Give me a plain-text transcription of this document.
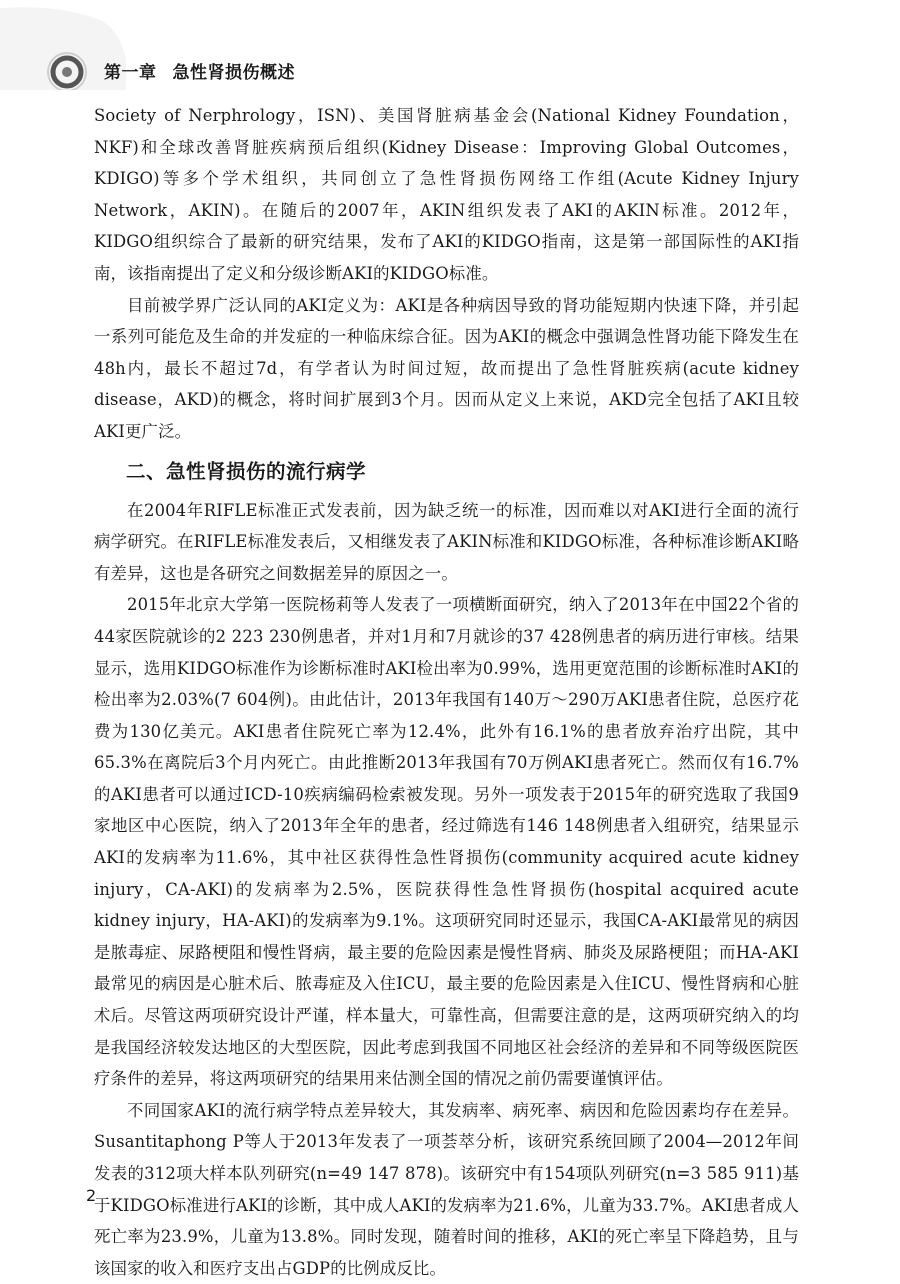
第一章 急性肾损伤概述

Society of Nerphrology，ISN)、美国肾脏病基金会(National Kidney Foundation，NKF)和全球改善肾脏疾病预后组织(Kidney Disease：Improving Global Outcomes，KDIGO)等多个学术组织，共同创立了急性肾损伤网络工作组(Acute Kidney Injury Network，AKIN)。在随后的2007年，AKIN组织发表了AKI的AKIN标准。2012年，KIDGO组织综合了最新的研究结果，发布了AKI的KIDGO指南，这是第一部国际性的AKI指南，该指南提出了定义和分级诊断AKI的KIDGO标准。

目前被学界广泛认同的AKI定义为：AKI是各种病因导致的肾功能短期内快速下降，并引起一系列可能危及生命的并发症的一种临床综合征。因为AKI的概念中强调急性肾功能下降发生在48h内，最长不超过7d，有学者认为时间过短，故而提出了急性肾脏疾病(acute kidney disease，AKD)的概念，将时间扩展到3个月。因而从定义上来说，AKD完全包括了AKI且较AKI更广泛。

二、急性肾损伤的流行病学

在2004年RIFLE标准正式发表前，因为缺乏统一的标准，因而难以对AKI进行全面的流行病学研究。在RIFLE标准发表后，又相继发表了AKIN标准和KIDGO标准，各种标准诊断AKI略有差异，这也是各研究之间数据差异的原因之一。

2015年北京大学第一医院杨莉等人发表了一项横断面研究，纳入了2013年在中国22个省的44家医院就诊的2 223 230例患者，并对1月和7月就诊的37 428例患者的病历进行审核。结果显示，选用KIDGO标准作为诊断标准时AKI检出率为0.99%，选用更宽范围的诊断标准时AKI的检出率为2.03%(7 604例)。由此估计，2013年我国有140万～290万AKI患者住院，总医疗花费为130亿美元。AKI患者住院死亡率为12.4%，此外有16.1%的患者放弃治疗出院，其中65.3%在离院后3个月内死亡。由此推断2013年我国有70万例AKI患者死亡。然而仅有16.7%的AKI患者可以通过ICD-10疾病编码检索被发现。另外一项发表于2015年的研究选取了我国9家地区中心医院，纳入了2013年全年的患者，经过筛选有146 148例患者入组研究，结果显示AKI的发病率为11.6%，其中社区获得性急性肾损伤(community acquired acute kidney injury，CA-AKI)的发病率为2.5%，医院获得性急性肾损伤(hospital acquired acute kidney injury，HA-AKI)的发病率为9.1%。这项研究同时还显示，我国CA-AKI最常见的病因是脓毒症、尿路梗阻和慢性肾病，最主要的危险因素是慢性肾病、肺炎及尿路梗阻；而HA-AKI最常见的病因是心脏术后、脓毒症及入住ICU，最主要的危险因素是入住ICU、慢性肾病和心脏术后。尽管这两项研究设计严谨，样本量大，可靠性高，但需要注意的是，这两项研究纳入的均是我国经济较发达地区的大型医院，因此考虑到我国不同地区社会经济的差异和不同等级医院医疗条件的差异，将这两项研究的结果用来估测全国的情况之前仍需要谨慎评估。

不同国家AKI的流行病学特点差异较大，其发病率、病死率、病因和危险因素均存在差异。Susantitaphong P等人于2013年发表了一项荟萃分析，该研究系统回顾了2004—2012年间发表的312项大样本队列研究(n=49 147 878)。该研究中有154项队列研究(n=3 585 911)基于KIDGO标准进行AKI的诊断，其中成人AKI的发病率为21.6%，儿童为33.7%。AKI患者成人死亡率为23.9%，儿童为13.8%。同时发现，随着时间的推移，AKI的死亡率呈下降趋势，且与该国家的收入和医疗支出占GDP的比例成反比。

2
